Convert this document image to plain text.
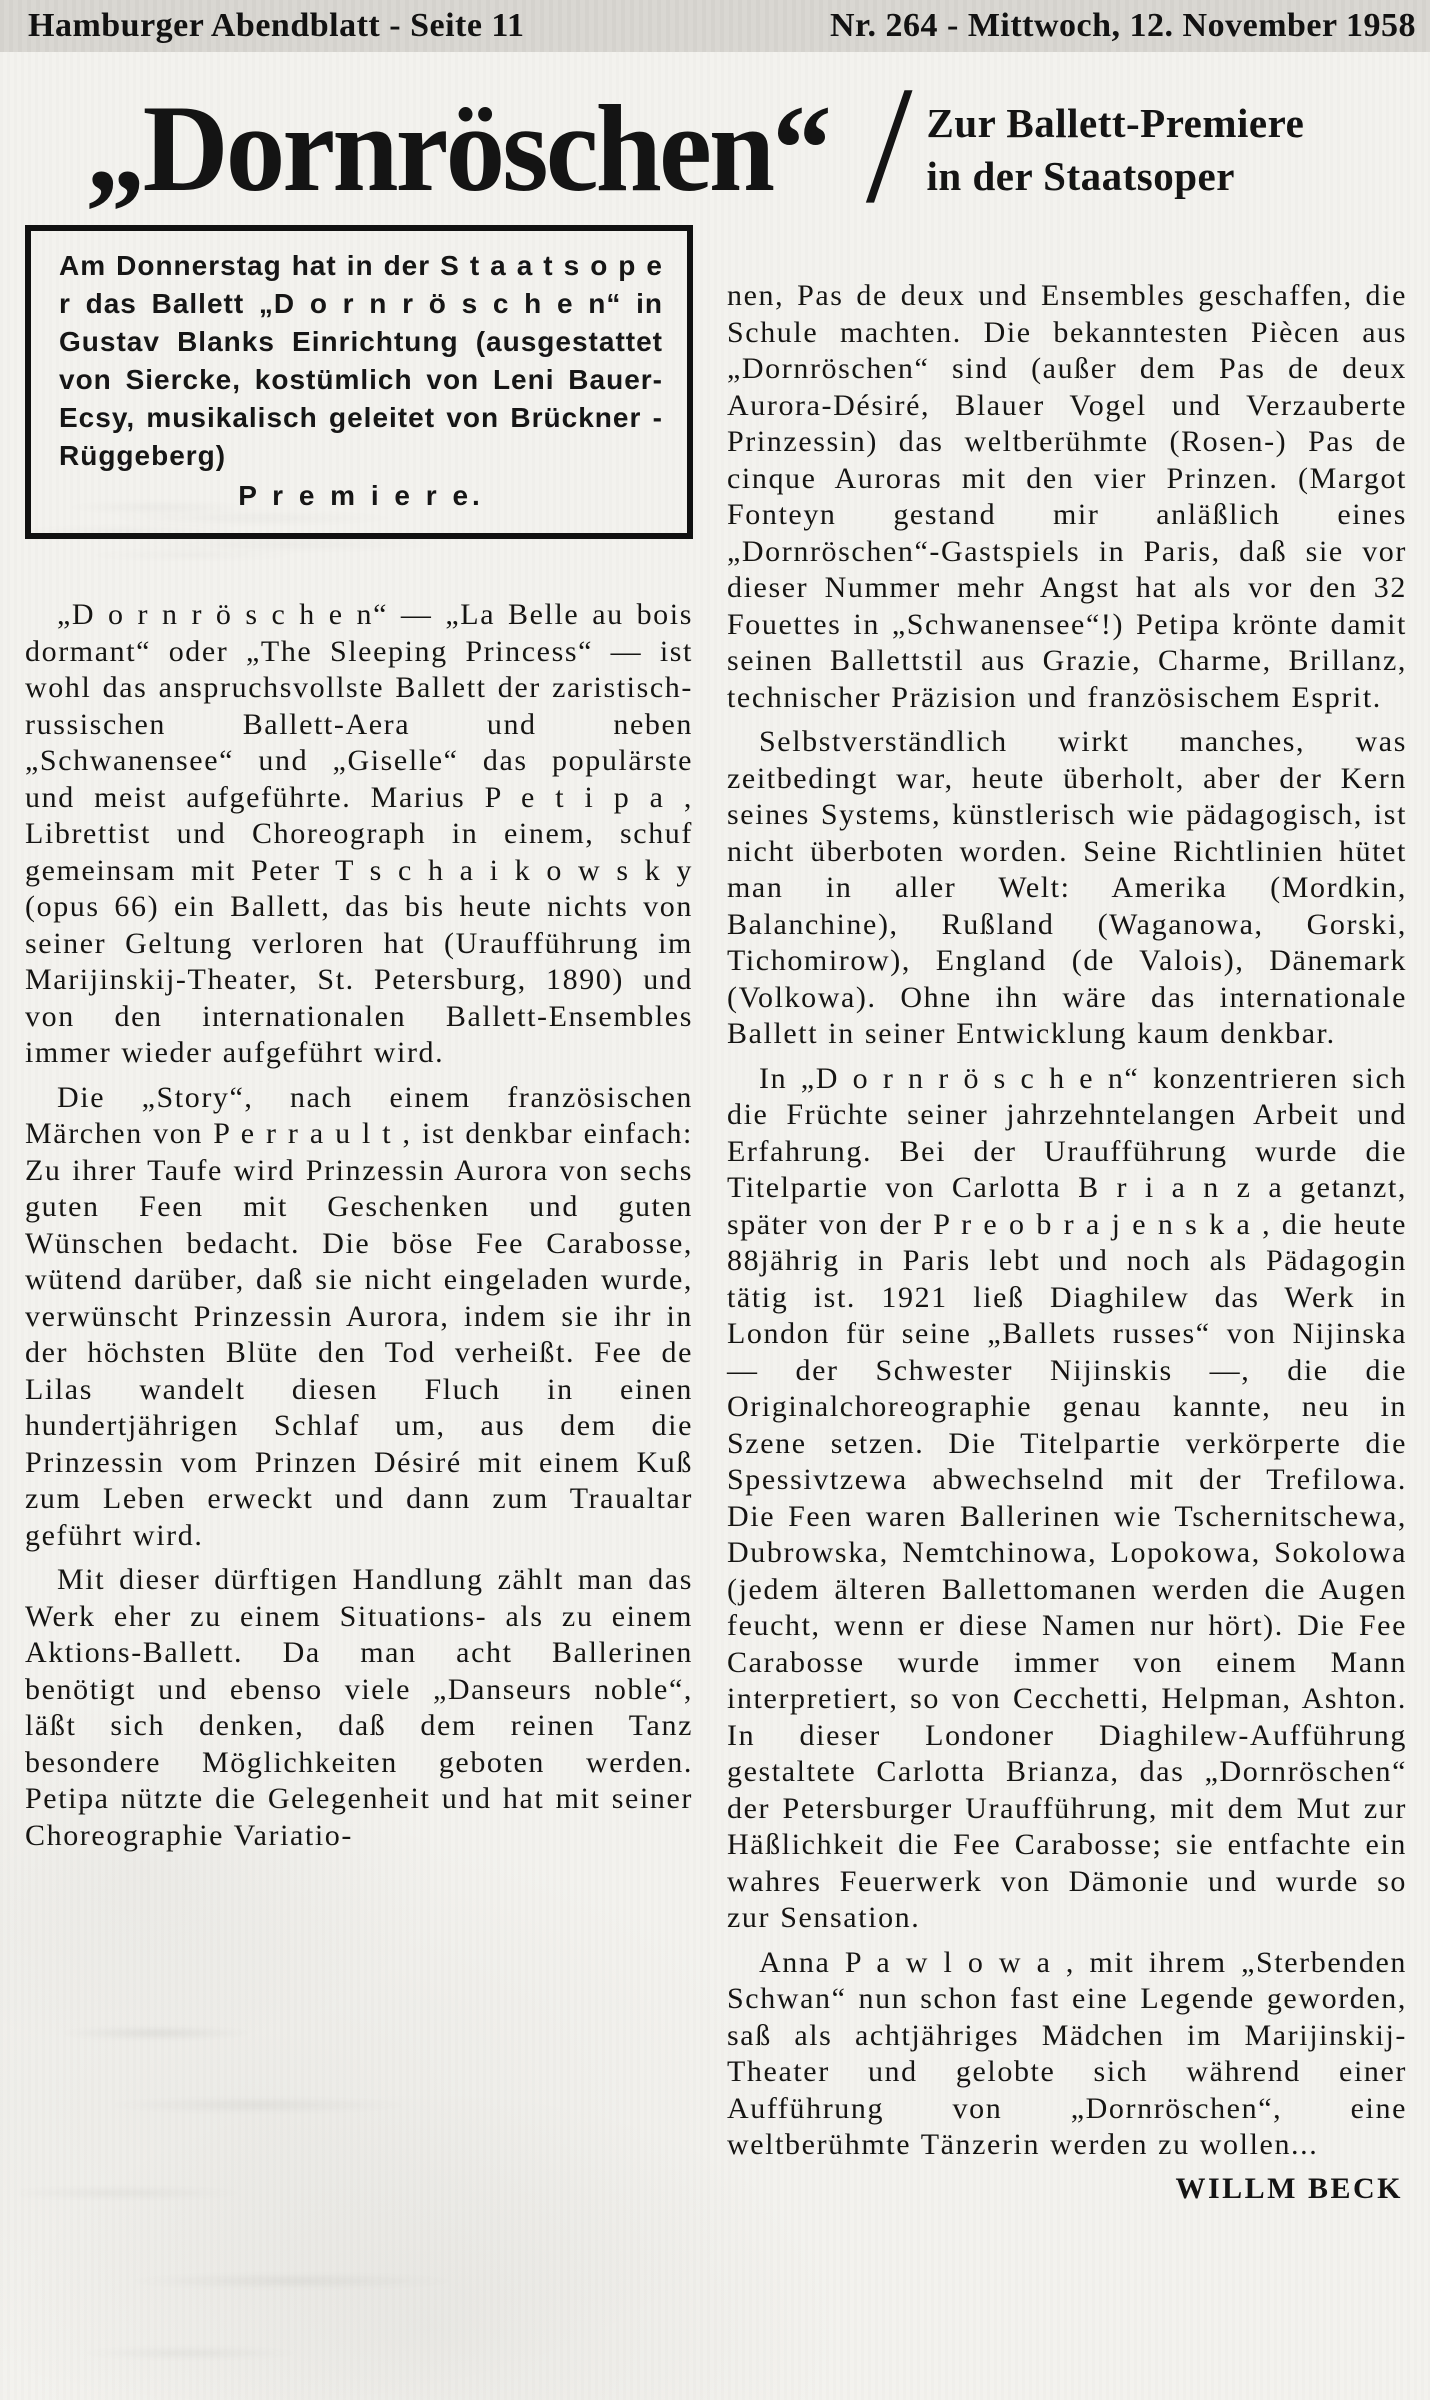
Hamburger Abendblatt - Seite 11	Nr. 264 - Mittwoch, 12. November 1958
„Dornröschen“ / Zur Ballett-Premiere
in der Staatsoper
Am Donnerstag hat in der S t a a t s o p e r das Ballett „D o r n r ö s c h e n“ in Gustav Blanks Einrichtung (ausgestattet von Siercke, kostümlich von Leni Bauer-Ecsy, musikalisch geleitet von Brückner - Rüggeberg)
P r e m i e r e.

„D o r n r ö s c h e n“ — „La Belle au bois dormant“ oder „The Sleeping Princess“ — ist wohl das anspruchsvollste Ballett der zaristisch-russischen Ballett-Aera und neben „Schwanensee“ und „Giselle“ das populärste und meist aufgeführte. Marius P e t i p a , Librettist und Choreograph in einem, schuf gemeinsam mit Peter T s c h a i k o w s k y (opus 66) ein Ballett, das bis heute nichts von seiner Geltung verloren hat (Uraufführung im Marijinskij-Theater, St. Petersburg, 1890) und von den internationalen Ballett-Ensembles immer wieder aufgeführt wird.

Die „Story“, nach einem französischen Märchen von P e r r a u l t , ist denkbar einfach: Zu ihrer Taufe wird Prinzessin Aurora von sechs guten Feen mit Geschenken und guten Wünschen bedacht. Die böse Fee Carabosse, wütend darüber, daß sie nicht eingeladen wurde, verwünscht Prinzessin Aurora, indem sie ihr in der höchsten Blüte den Tod verheißt. Fee de Lilas wandelt diesen Fluch in einen hundertjährigen Schlaf um, aus dem die Prinzessin vom Prinzen Désiré mit einem Kuß zum Leben erweckt und dann zum Traualtar geführt wird.

Mit dieser dürftigen Handlung zählt man das Werk eher zu einem Situations- als zu einem Aktions-Ballett. Da man acht Ballerinen benötigt und ebenso viele „Danseurs noble“, läßt sich denken, daß dem reinen Tanz besondere Möglichkeiten geboten werden. Petipa nützte die Gelegenheit und hat mit seiner Choreographie Variatio-

nen, Pas de deux und Ensembles geschaffen, die Schule machten. Die bekanntesten Piècen aus „Dornröschen“ sind (außer dem Pas de deux Aurora-Désiré, Blauer Vogel und Verzauberte Prinzessin) das weltberühmte (Rosen-) Pas de cinque Auroras mit den vier Prinzen. (Margot Fonteyn gestand mir anläßlich eines „Dornröschen“-Gastspiels in Paris, daß sie vor dieser Nummer mehr Angst hat als vor den 32 Fouettes in „Schwanensee“!) Petipa krönte damit seinen Ballettstil aus Grazie, Charme, Brillanz, technischer Präzision und französischem Esprit.

Selbstverständlich wirkt manches, was zeitbedingt war, heute überholt, aber der Kern seines Systems, künstlerisch wie pädagogisch, ist nicht überboten worden. Seine Richtlinien hütet man in aller Welt: Amerika (Mordkin, Balanchine), Rußland (Waganowa, Gorski, Tichomirow), England (de Valois), Dänemark (Volkowa). Ohne ihn wäre das internationale Ballett in seiner Entwicklung kaum denkbar.

In „D o r n r ö s c h e n“ konzentrieren sich die Früchte seiner jahrzehntelangen Arbeit und Erfahrung. Bei der Uraufführung wurde die Titelpartie von Carlotta B r i a n z a getanzt, später von der P r e o b r a j e n s k a , die heute 88jährig in Paris lebt und noch als Pädagogin tätig ist. 1921 ließ Diaghilew das Werk in London für seine „Ballets russes“ von Nijinska — der Schwester Nijinskis —, die die Originalchoreographie genau kannte, neu in Szene setzen. Die Titelpartie verkörperte die Spessivtzewa abwechselnd mit der Trefilowa. Die Feen waren Ballerinen wie Tschernitschewa, Dubrowska, Nemtchinowa, Lopokowa, Sokolowa (jedem älteren Ballettomanen werden die Augen feucht, wenn er diese Namen nur hört). Die Fee Carabosse wurde immer von einem Mann interpretiert, so von Cecchetti, Helpman, Ashton. In dieser Londoner Diaghilew-Aufführung gestaltete Carlotta Brianza, das „Dornröschen“ der Petersburger Uraufführung, mit dem Mut zur Häßlichkeit die Fee Carabosse; sie entfachte ein wahres Feuerwerk von Dämonie und wurde so zur Sensation.

Anna P a w l o w a , mit ihrem „Sterbenden Schwan“ nun schon fast eine Legende geworden, saß als achtjähriges Mädchen im Marijinskij-Theater und gelobte sich während einer Aufführung von „Dornröschen“, eine weltberühmte Tänzerin werden zu wollen...

WILLM BECK
